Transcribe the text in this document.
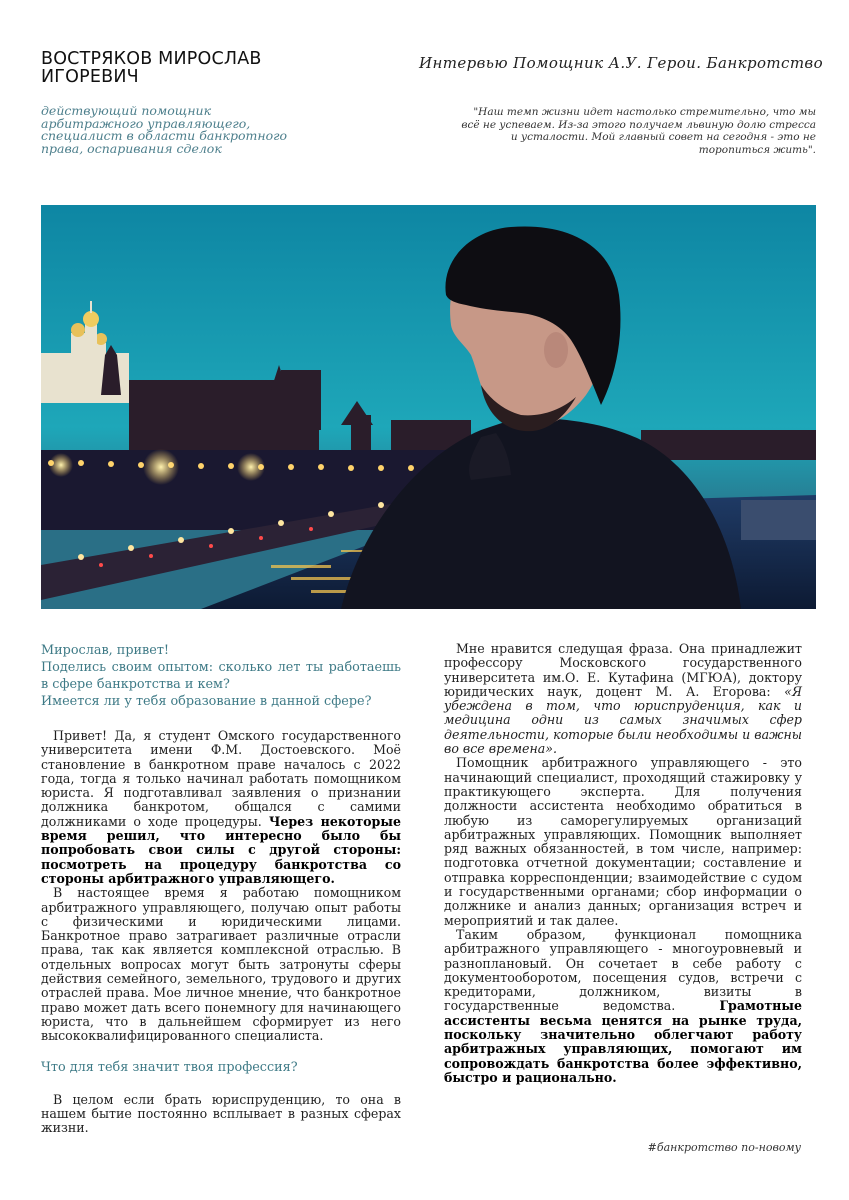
ВОСТРЯКОВ МИРОСЛАВ ИГОРЕВИЧ
Интервью Помощник А.У. Герои. Банкротство
действующий помощник арбитражного управляющего, специалист в области банкротного права, оспаривания сделок
"Наш темп жизни идет настолько стремительно, что мы всё не успеваем. Из-за этого получаем львиную долю стресса и усталости. Мой главный совет на сегодня - это не торопиться жить".

Мирослав, привет!

Поделись своим опытом: сколько лет ты работаешь в сфере банкротства и кем?

Имеется ли у тебя образование в данной сфере?

Привет! Да, я студент Омского государственного университета имени Ф.М. Достоевского. Моё становление в банкротном праве началось с 2022 года, тогда я только начинал работать помощником юриста. Я подготавливал заявления о признании должника банкротом, общался с самими должниками о ходе процедуры. Через некоторые время решил, что интересно было бы попробовать свои силы с другой стороны: посмотреть на процедуру банкротства со стороны арбитражного управляющего.

В настоящее время я работаю помощником арбитражного управляющего, получаю опыт работы с физическими и юридическими лицами. Банкротное право затрагивает различные отрасли права, так как является комплексной отраслью. В отдельных вопросах могут быть затронуты сферы действия семейного, земельного, трудового и других отраслей права. Мое личное мнение, что банкротное право может дать всего понемногу для начинающего юриста, что в дальнейшем сформирует из него высококвалифицированного специалиста.

Что для тебя значит твоя профессия?

В целом если брать юриспруденцию, то она в нашем бытие постоянно всплывает в разных сферах жизни.

Мне нравится следущая фраза. Она принадлежит профессору Московского государственного университета им.О. Е. Кутафина (МГЮА), доктору юридических наук, доцент М. А. Егорова: «Я убеждена в том, что юриспруденция, как и медицина одни из самых значимых сфер деятельности, которые были необходимы и важны во все времена».

Помощник арбитражного управляющего - это начинающий специалист, проходящий стажировку у практикующего эксперта. Для получения должности ассистента необходимо обратиться в любую из саморегулируемых организаций арбитражных управляющих. Помощник выполняет ряд важных обязанностей, в том числе, например: подготовка отчетной документации; составление и отправка корреспонденции; взаимодействие с судом и государственными органами; сбор информации о должнике и анализ данных; организация встреч и мероприятий и так далее.

Таким образом, функционал помощника арбитражного управляющего - многоуровневый и разноплановый. Он сочетает в себе работу с документооборотом, посещения судов, встречи с кредиторами, должником, визиты в государственные ведомства. Грамотные ассистенты весьма ценятся на рынке труда, поскольку значительно облегчают работу арбитражных управляющих, помогают им сопровождать банкротства более эффективно, быстро и рационально.

#банкротство по-новому
